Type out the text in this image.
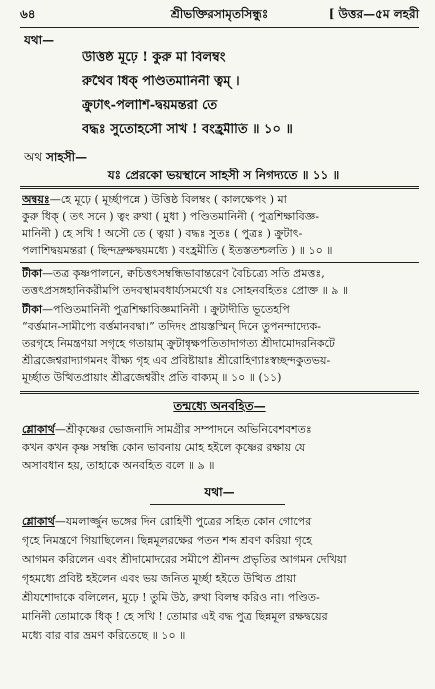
৬৪	শ্রীভক্তিরসামৃতসিন্ধুঃ	[ উত্তর—৫ম লহরী
যথা—
উত্তিষ্ঠ মূঢ়ে ! কুরু মা বিলম্বং
রুথৈব ধিক্ পণ্ডিতমানিনী ত্বম্ ।
ক্রুটাৎ-পলাশি-দ্বয়মন্তরা তে
বদ্ধঃ সুতোহসৌ সখি ! বংহ্রমীতি ॥ ১০ ॥
অথ সাহসী—
যঃ প্রেরকো ভয়স্থানে সাহসী স নিগদ্যতে ॥ ১১ ॥
অন্বয়ঃ—হে মূঢ়ে ( মূর্চ্ছাপন্নে ) উত্তিষ্ঠ বিলম্বং ( কালক্ষেপং ) মা
কুরু ধিক্ ( তৎ সনে ) ত্বং রুথা ( মুধা ) পণ্ডিতমানিনী ( পুত্রশিক্ষাবিজ্ঞ-
মানিনী ) হে সখি ! অসৌ তে ( ত্বয়া ) বদ্ধঃ সুতঃ ( পুত্রঃ ) ক্রুটাৎ-
পলাশিদ্বয়মন্তরা ( ছিন্দদ্রুক্ষদ্বয়মধ্যে ) বংহ্রমীতি ( ইতস্ততশ্চলতি ) ॥ ১০ ॥
টীকা—তত্র কৃষ্ণপালনে, ক্বচিত্তৎসম্বন্ধিভাবান্তরেণ বৈচিত্র্যে সতি প্রমত্তঃ,
তত্তৎপ্রসঙ্গহানিকরীমপি তদবস্থামবধার্য্যসমর্থো যঃ সোহনবহিতঃ প্রোক্ত ॥ ৯ ॥
টীকা—পণ্ডিতমানিনী পুত্রশিক্ষাবিজ্ঞমানিনী । ক্রুটাদীতি ভূতেহপি
“বর্ত্তমান-সামীপ্যে বর্ত্তমানবদ্বা।” তদিদং প্রায়স্তস্মিন্ দিনে তুপনন্দাদ্যেক-
তরগৃহে নিমন্ত্রণয়া সগৃহে গতায়াম্ ক্রুটান্বৃক্ষপতিতাদাগত্য শ্রীদামোদরনিকটে
শ্রীব্রজেশ্বরাদ্যাগমনং বীক্ষ্য গৃহ এব প্রবিষ্টায়াঃ শ্রীরোহিণ্যাঃস্বচ্ছন্দকুতভয়-
মূর্চ্ছাত উত্থিতপ্রায়াং শ্রীব্রজেশ্বরীং প্রতি বাক্যম্ ॥ ১০ ॥ (১১)
তন্মধ্যে অনবহিত—
শ্লোকার্থ—শ্রীকৃষ্ণের ভোজনাদি সামগ্রীর সম্পাদনে অভিনিবেশবশতঃ
কখন কখন কৃষ্ণ সম্বন্ধি কোন ভাবনায় মোহ হইলে কৃষ্ণের রক্ষায় যে
অসাবধান হয়, তাহাকে অনবহিত বলে ॥ ৯ ॥
যথা—
শ্লোকার্থ—যমলার্জ্জুন ভঙ্গের দিন রোহিণী পুত্রের সহিত কোন গোপের
গৃহে নিমন্ত্রণে গিয়াছিলেন। ছিন্নমূলরক্ষের পতন শব্দ শ্রবণ করিয়া গৃহে
আগমন করিলেন এবং শ্রীদামোদরের সমীপে শ্রীনন্দ প্রভৃতির আগমন দেখিয়া
গৃহমধ্যে প্রবিষ্ট হইলেন এবং ভয় জনিত মূর্চ্ছা হইতে উত্থিত প্রায়া
শ্রীযশোদাকে বলিলেন, মূঢ়ে ! তুমি উঠ, রুথা বিলম্ব করিও না। পণ্ডিত-
মানিনী তোমাকে ধিক্ ! হে সখি ! তোমার এই বদ্ধ পুত্র ছিন্নমূল রক্ষদ্বয়ের
মধ্যে বার বার ভ্রমণ করিতেছে ॥ ১০ ॥
